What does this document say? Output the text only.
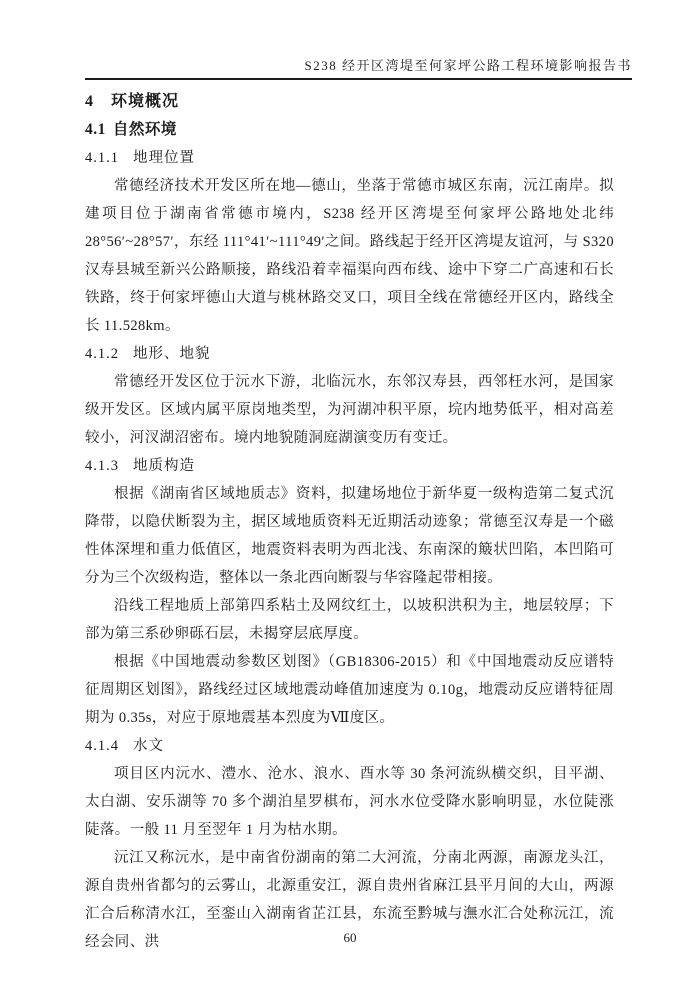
S238 经开区湾堤至何家坪公路工程环境影响报告书
4 环境概况
4.1 自然环境
4.1.1 地理位置

常德经济技术开发区所在地—德山，坐落于常德市城区东南，沅江南岸。拟建项目位于湖南省常德市境内，S238 经开区湾堤至何家坪公路地处北纬 28°56′~28°57′，东经 111°41′~111°49′之间。路线起于经开区湾堤友谊河，与 S320 汉寿县城至新兴公路顺接，路线沿着幸福渠向西布线、途中下穿二广高速和石长铁路，终于何家坪德山大道与桃林路交叉口，项目全线在常德经开区内，路线全长 11.528km。

4.1.2 地形、地貌

常德经开发区位于沅水下游，北临沅水，东邻汉寿县，西邻枉水河，是国家级开发区。区域内属平原岗地类型，为河湖冲积平原，垸内地势低平，相对高差较小，河汊湖沼密布。境内地貌随洞庭湖演变历有变迁。

4.1.3 地质构造

根据《湖南省区域地质志》资料，拟建场地位于新华夏一级构造第二复式沉降带，以隐伏断裂为主，据区域地质资料无近期活动迹象；常德至汉寿是一个磁性体深埋和重力低值区，地震资料表明为西北浅、东南深的簸状凹陷，本凹陷可分为三个次级构造，整体以一条北西向断裂与华容隆起带相接。

沿线工程地质上部第四系粘土及网纹红土，以坡积洪积为主，地层较厚；下部为第三系砂卵砾石层，未揭穿层底厚度。

根据《中国地震动参数区划图》（GB18306-2015）和《中国地震动反应谱特征周期区划图》，路线经过区域地震动峰值加速度为 0.10g，地震动反应谱特征周期为 0.35s，对应于原地震基本烈度为Ⅶ度区。

4.1.4 水文

项目区内沅水、澧水、沧水、浪水、酉水等 30 条河流纵横交织，目平湖、太白湖、安乐湖等 70 多个湖泊星罗棋布，河水水位受降水影响明显，水位陡涨陡落。一般 11 月至翌年 1 月为枯水期。

沅江又称沅水，是中南省份湖南的第二大河流，分南北两源，南源龙头江，源自贵州省都匀的云雾山，北源重安江，源自贵州省麻江县平月间的大山，两源汇合后称清水江，至銮山入湖南省芷江县，东流至黔城与潕水汇合处称沅江，流经会同、洪	60
